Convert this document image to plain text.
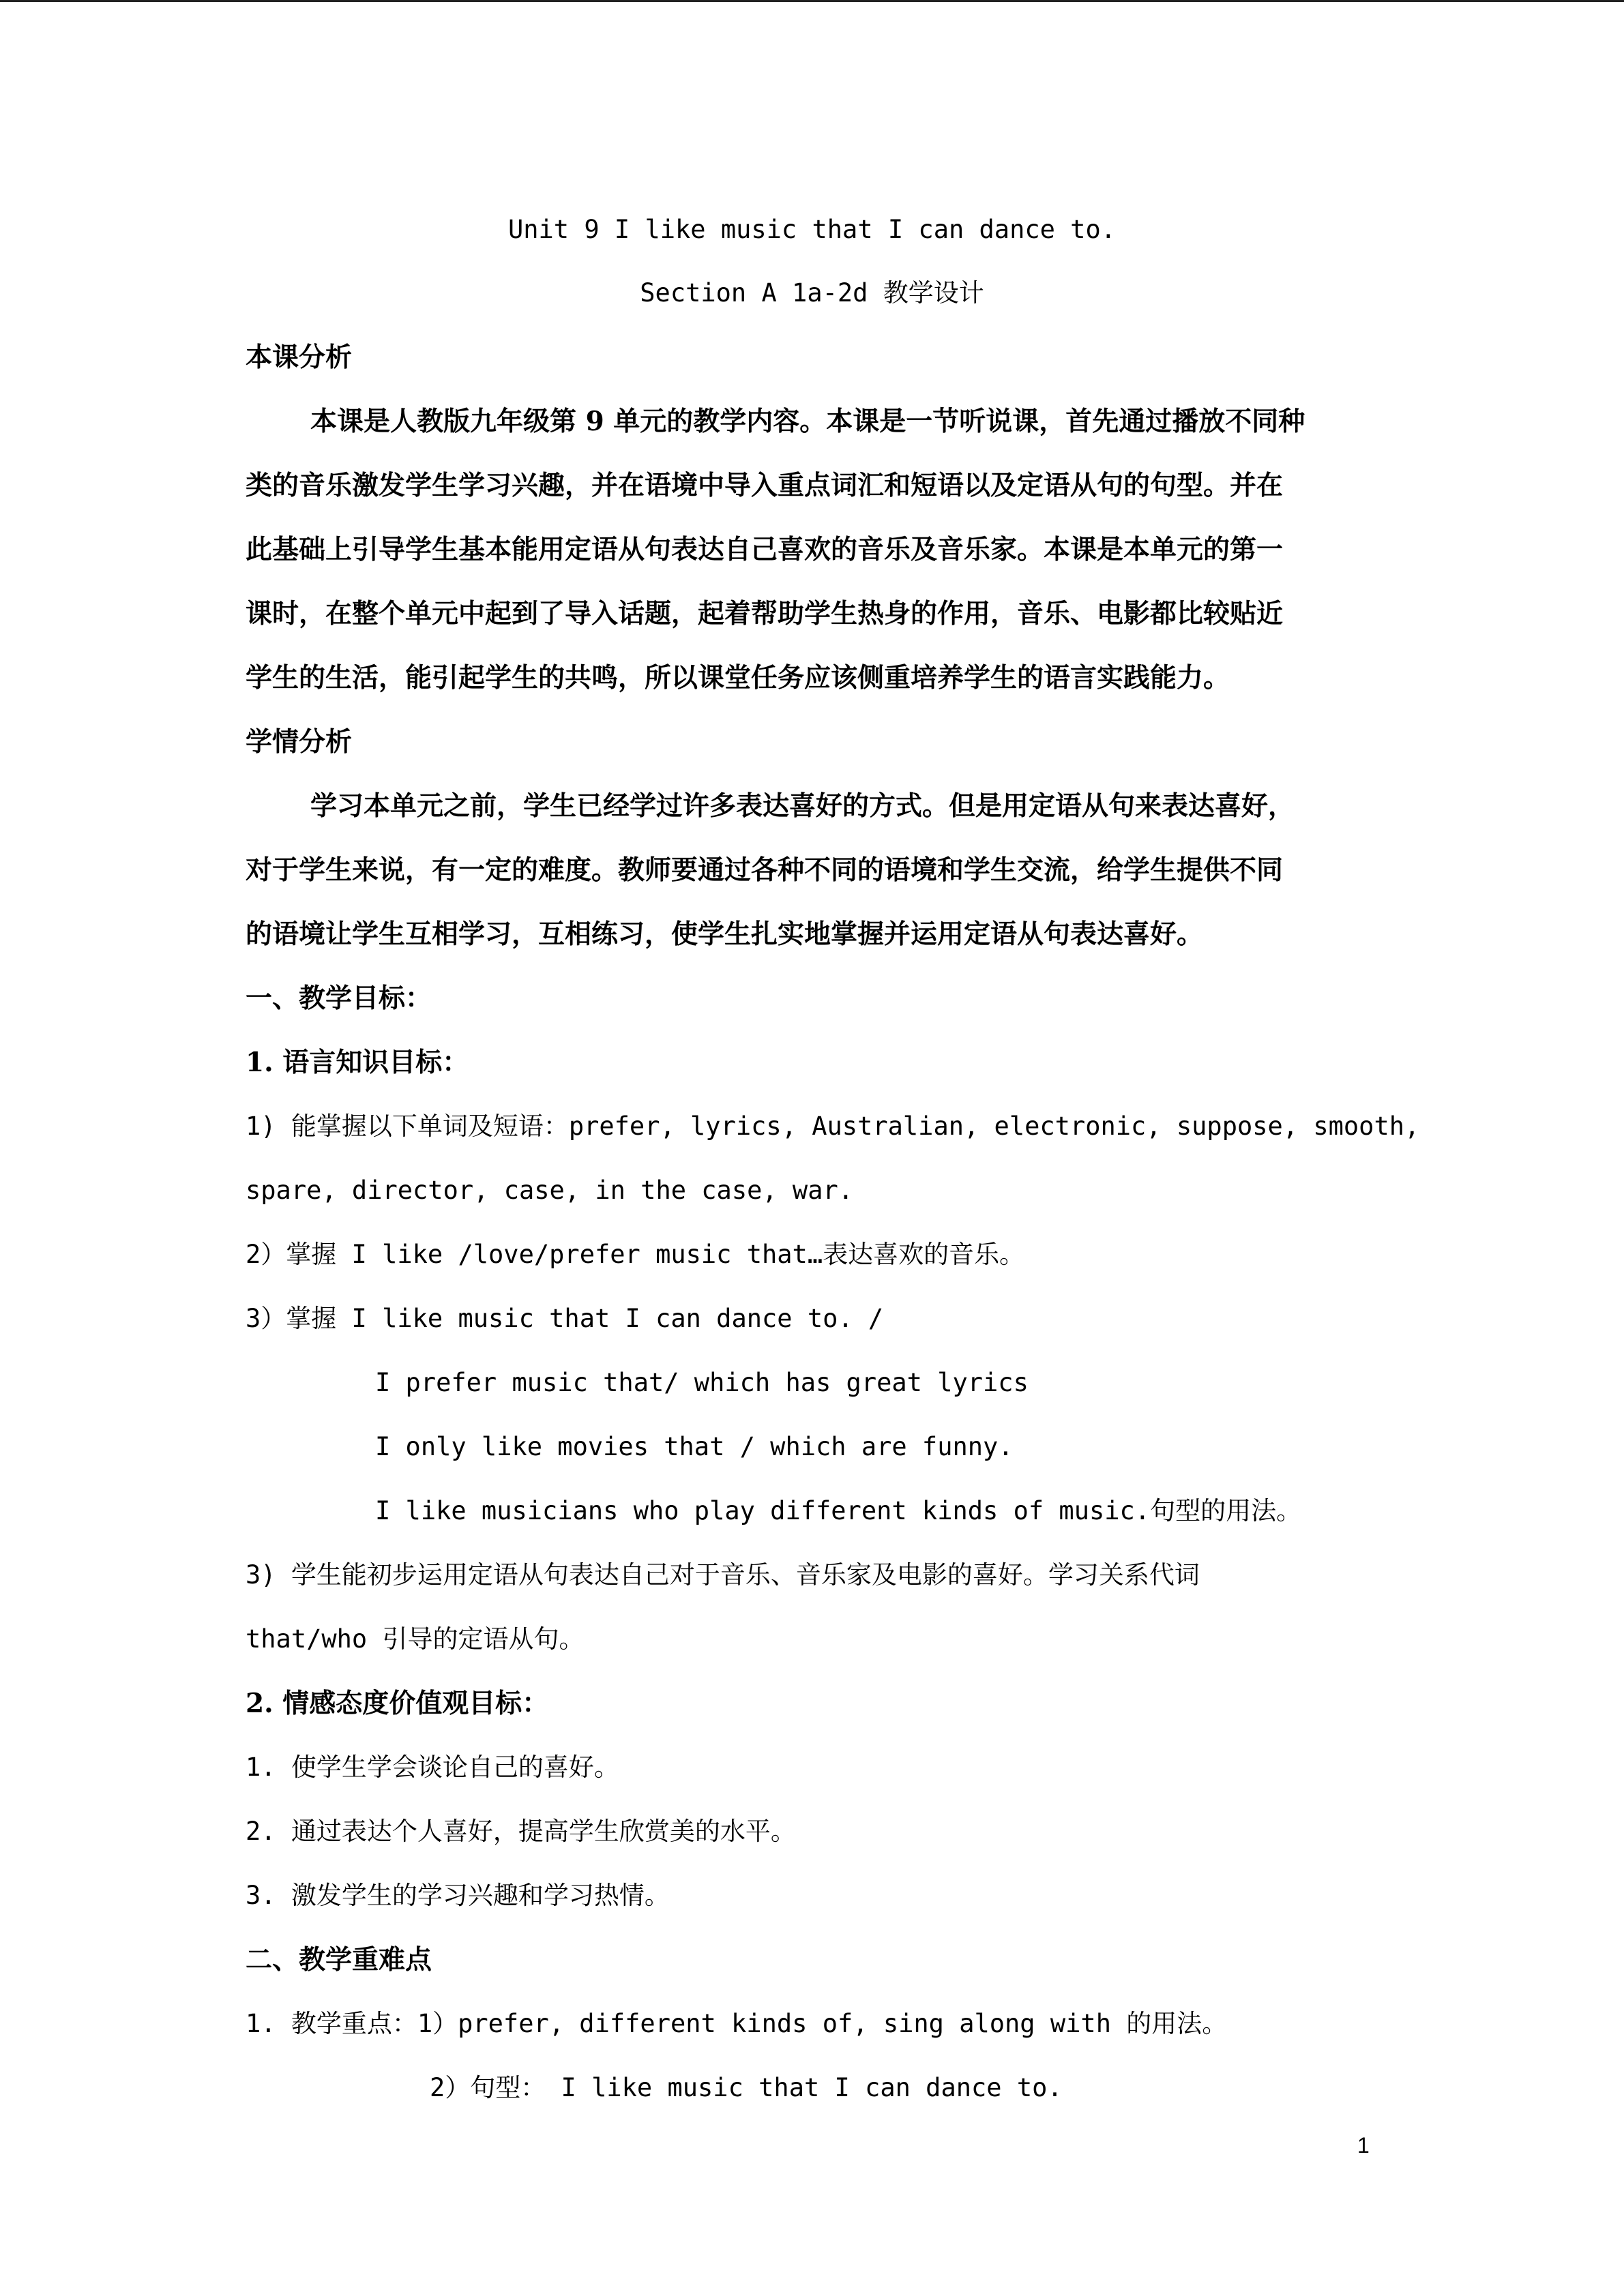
Unit 9 I like music that I can dance to.

Section A 1a-2d 教学设计

本课分析

本课是人教版九年级第 9 单元的教学内容。本课是一节听说课，首先通过播放不同种

类的音乐激发学生学习兴趣，并在语境中导入重点词汇和短语以及定语从句的句型。并在

此基础上引导学生基本能用定语从句表达自己喜欢的音乐及音乐家。本课是本单元的第一

课时，在整个单元中起到了导入话题，起着帮助学生热身的作用，音乐、电影都比较贴近

学生的生活，能引起学生的共鸣，所以课堂任务应该侧重培养学生的语言实践能力。

学情分析

学习本单元之前，学生已经学过许多表达喜好的方式。但是用定语从句来表达喜好，

对于学生来说，有一定的难度。教师要通过各种不同的语境和学生交流，给学生提供不同

的语境让学生互相学习，互相练习，使学生扎实地掌握并运用定语从句表达喜好。

一、教学目标：

1. 语言知识目标：

1) 能掌握以下单词及短语：prefer, lyrics, Australian, electronic, suppose, smooth,

spare, director, case, in the case, war.

2）掌握 I like /love/prefer music that…表达喜欢的音乐。

3）掌握 I like music that I can dance to. /

I prefer music that/ which has great lyrics

I only like movies that / which are funny.

I like musicians who play different kinds of music.句型的用法。

3) 学生能初步运用定语从句表达自己对于音乐、音乐家及电影的喜好。学习关系代词

that/who 引导的定语从句。

2. 情感态度价值观目标：

1. 使学生学会谈论自己的喜好。

2. 通过表达个人喜好，提高学生欣赏美的水平。

3. 激发学生的学习兴趣和学习热情。

二、教学重难点

1. 教学重点：1）prefer, different kinds of, sing along with 的用法。

2）句型： I like music that I can dance to.

1
